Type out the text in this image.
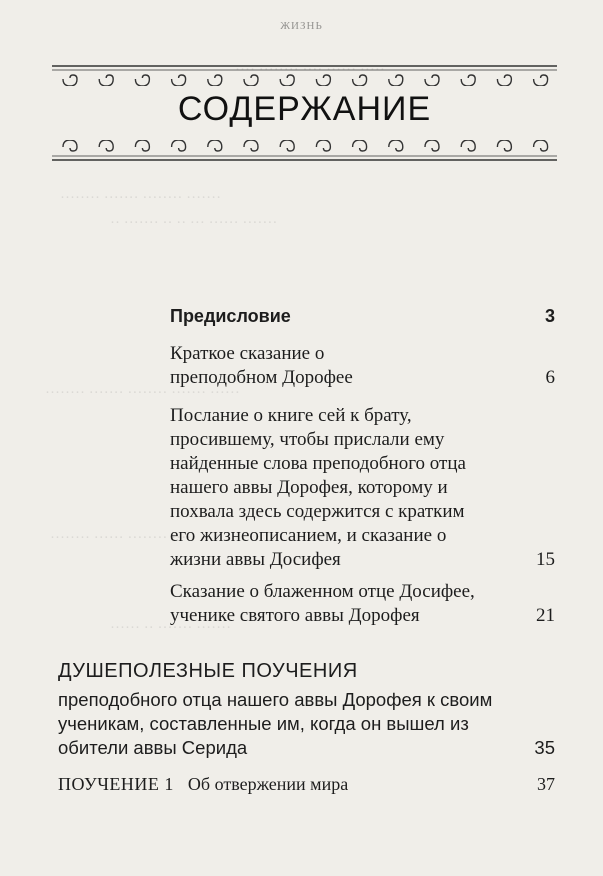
ЖИЗНЬ
···· ········ ···· ······ ·····
········ ······· ········ ·······
·· ······· ·· ·· ··· ······ ·······
········ ······· ········ ······· ······
········ ······ ········ ·····
······ ·· ······· ·······
СОДЕРЖАНИЕ
Предисловие	3
Краткое сказание о преподобном Дорофее	6
Послание о книге сей к брату, просившему, чтобы прислали ему найденные слова преподобного отца нашего аввы Дорофея, которому и похвала здесь содержится с кратким его жизнеописанием, и сказание о жизни аввы Досифея	15
Сказание о блаженном отце Досифее, ученике святого аввы Дорофея	21
ДУШЕПОЛЕЗНЫЕ ПОУЧЕНИЯ
преподобного отца нашего аввы Дорофея к своим ученикам, составленные им, когда он вышел из обители аввы Серида	35
ПОУЧЕНИЕ 1 Об отвержении мира	37
